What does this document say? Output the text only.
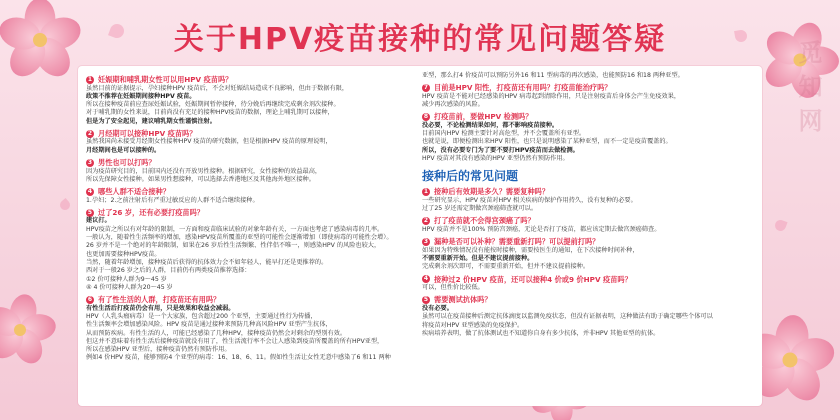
关于HPV疫苗接种的常见问题答疑
觅知网
1 妊娠期和哺乳期女性可以用HPV 疫苗吗？

虽然目前的证据提示，孕妇接种HPV 疫苗后，不会对妊娠结局造成不良影响，但由于数据有限，

政策不推荐在妊娠期间接种HPV 疫苗。

所以在接种疫苗前应查尿妊娠试验，妊娠期间暂停接种，待分娩后再继续完成剩余剂次接种。

对于哺乳期的女性来说，目前尚没有充足的接种HPV疫苗的数据，理论上哺乳期可以接种，

但是为了安全起见，建议哺乳期女性谨慎注射。

2 月经期可以接种HPV 疫苗吗？

虽然我国尚未接受月经期女性接种HPV 疫苗的研究数据，但是根据HPV 疫苗的原理说明，

月经期间也是可以接种的。

3 男性也可以打吗？

因为疫苗研究目的，目前国内还没有开放男性接种。根据研究，女性接种的效益最高，

所以先保障女性接种。如果男性想接种，可以选择去香港地区及其他海外地区接种。

4 哪些人群不适合接种？

1.孕妇；2.之前注射后有严重过敏反应的人群不适合继续接种。

5 过了26 岁，还有必要打疫苗吗？

建议打。

HPV疫苗之所以有对年龄的限制，一方面和疫苗临床试验的对象年龄有关，一方面也考虑了感染病毒的几率。

一般认为，随着性生活频率的增加，感染HPV疫苗所覆盖的亚型的可能性会逐渐增加（即使病毒的可能性会增）。

26 岁并不是一个绝对的年龄限制，如果在26 岁后性生活频繁、性伴侣不唯一，则感染HPV 的风险也较大，

也更加需要接种HPV疫苗。

当然，随着年龄增加，接种疫苗后获得的抗体效力会不如年轻人，能早打还是更推荐的。

西对于一般26 岁之后的人群，目前仍有两类疫苗推荐选择：

①2 价可接种人群为9～45 岁

④ 4 价可接种人群为20～45 岁

6 有了性生活的人群，打疫苗还有用吗？

有性生活后打疫苗仍会有用，只是效果和收益会减弱。

HPV（人乳头瘤病毒）是一个大家族，包含超过200 个亚型，主要通过性行为传播，

性生活频率会增加感染风险。HPV 疫苗是通过接种来预防几种高风险HPV 亚型产生抗体，

从而预防疾病。有性生活的人，可能已经感染了几种HPV，接种疫苗仍然会对剩余的型别有效。

但这并不意味着有性生活后接种疫苗就没有用了，性生活流行率不会让人感染到疫苗所覆盖的所有HPV亚型，

所以在感染HPV 亚型后，接种疫苗仍然有预防作用。

例如4 价HPV 疫苗，能够预防4 个亚型的病毒：16、18、6、11。假如性生活让女性无意中感染了6 和11 两种

亚型，那么打4 价疫苗可以预防另外16 和11 型病毒的再次感染，也能预防16 和18 两种亚型。

7 目前是HPV 阳性，打疫苗还有用吗？打疫苗能治疗吗？

HPV 疫苗是不能对已经感染的HPV 病毒起到清除作用，只是注射疫苗后身体会产生免疫效果，

减少再次感染的风险。

8 打疫苗前，要做HPV 检测吗？

没必要，不论检测结果如何，都不影响疫苗接种。

目前国内HPV 检测主要针对高危型，并不会覆盖所有亚型。

也就是说，即便检测出来HPV 阳性，也只是说明感染了某种亚型，而不一定是疫苗覆盖的。

所以，没有必要专门为了要不要打HPV疫苗而去做检测。

HPV 疫苗对其没有感染的HPV 亚型仍然有预防作用。

接种后的常见问题
1 接种后有效期是多久？需要复种吗？

一些研究显示，HPV 疫苗对HPV 相关疾病的保护作用持久，没有复种的必要。

过了25 岁还需定期做宫颈癌筛查就可以。

2 打了疫苗就不会得宫颈癌了吗？

HPV 疫苗并不是100% 预防宫颈癌，无论是否打了疫苗，都应该定期去做宫颈癌筛查。

3 漏种是否可以补种？需要重新打吗？可以提前打吗？

如果因为特殊情况没有能按时接种，需要按医生的通知，在下次接种时间补种，

不需要重新开始。但是不建议提前接种。

完成剩余剂次即可，不需要重新开始，但并不建议提前接种。

4 接种过2 价HPV 疫苗，还可以接种4 价或9 价HPV 疫苗吗？

可以，但性价比较低。

5 需要测试抗体吗？

没有必要。

虽然可以在疫苗接种后测定抗体滴度以监测免疫状态，但没有证据表明，这种做法有助于确定哪些个体可以

将疫苗对HPV 亚型感染的免疫保护。

疾病培养表明，做了抗体测试也不知道你自身有多少抗体，并非HPV 其他亚型的抗体。
